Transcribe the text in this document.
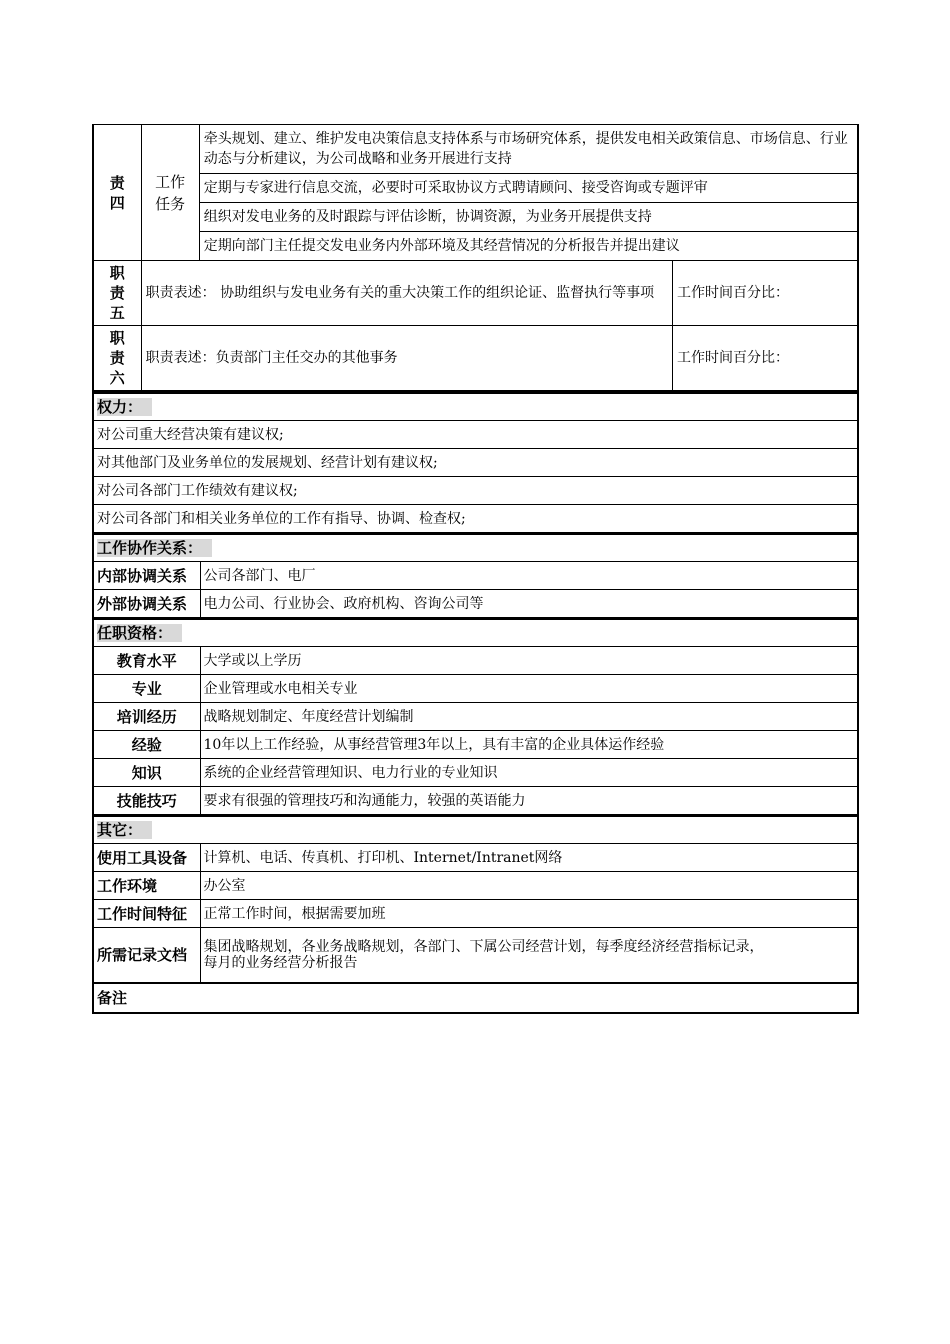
责四	工作任务	牵头规划、建立、维护发电决策信息支持体系与市场研究体系，提供发电相关政策信息、市场信息、行业动态与分析建议，为公司战略和业务开展进行支持	
		定期与专家进行信息交流，必要时可采取协议方式聘请顾问、接受咨询或专题评审	
		组织对发电业务的及时跟踪与评估诊断，协调资源，为业务开展提供支持	
		定期向部门主任提交发电业务内外部环境及其经营情况的分析报告并提出建议	
职责五	职责表述： 协助组织与发电业务有关的重大决策工作的组织论证、监督执行等事项		工作时间百分比：
职责六	职责表述：负责部门主任交办的其他事务		工作时间百分比：
权力：
对公司重大经营决策有建议权;
对其他部门及业务单位的发展规划、经营计划有建议权;
对公司各部门工作绩效有建议权;
对公司各部门和相关业务单位的工作有指导、协调、检查权;
工作协作关系：	
内部协调关系	公司各部门、电厂
外部协调关系	电力公司、行业协会、政府机构、咨询公司等
任职资格：	
教育水平	大学或以上学历
专业	企业管理或水电相关专业
培训经历	战略规划制定、年度经营计划编制
经验	10年以上工作经验，从事经营管理3年以上，具有丰富的企业具体运作经验
知识	系统的企业经营管理知识、电力行业的专业知识
技能技巧	要求有很强的管理技巧和沟通能力，较强的英语能力
其它：	
使用工具设备	计算机、电话、传真机、打印机、Internet/Intranet网络
工作环境	办公室
工作时间特征	正常工作时间，根据需要加班
所需记录文档	集团战略规划，各业务战略规划，各部门、下属公司经营计划，每季度经济经营指标记录，
每月的业务经营分析报告

备注	
